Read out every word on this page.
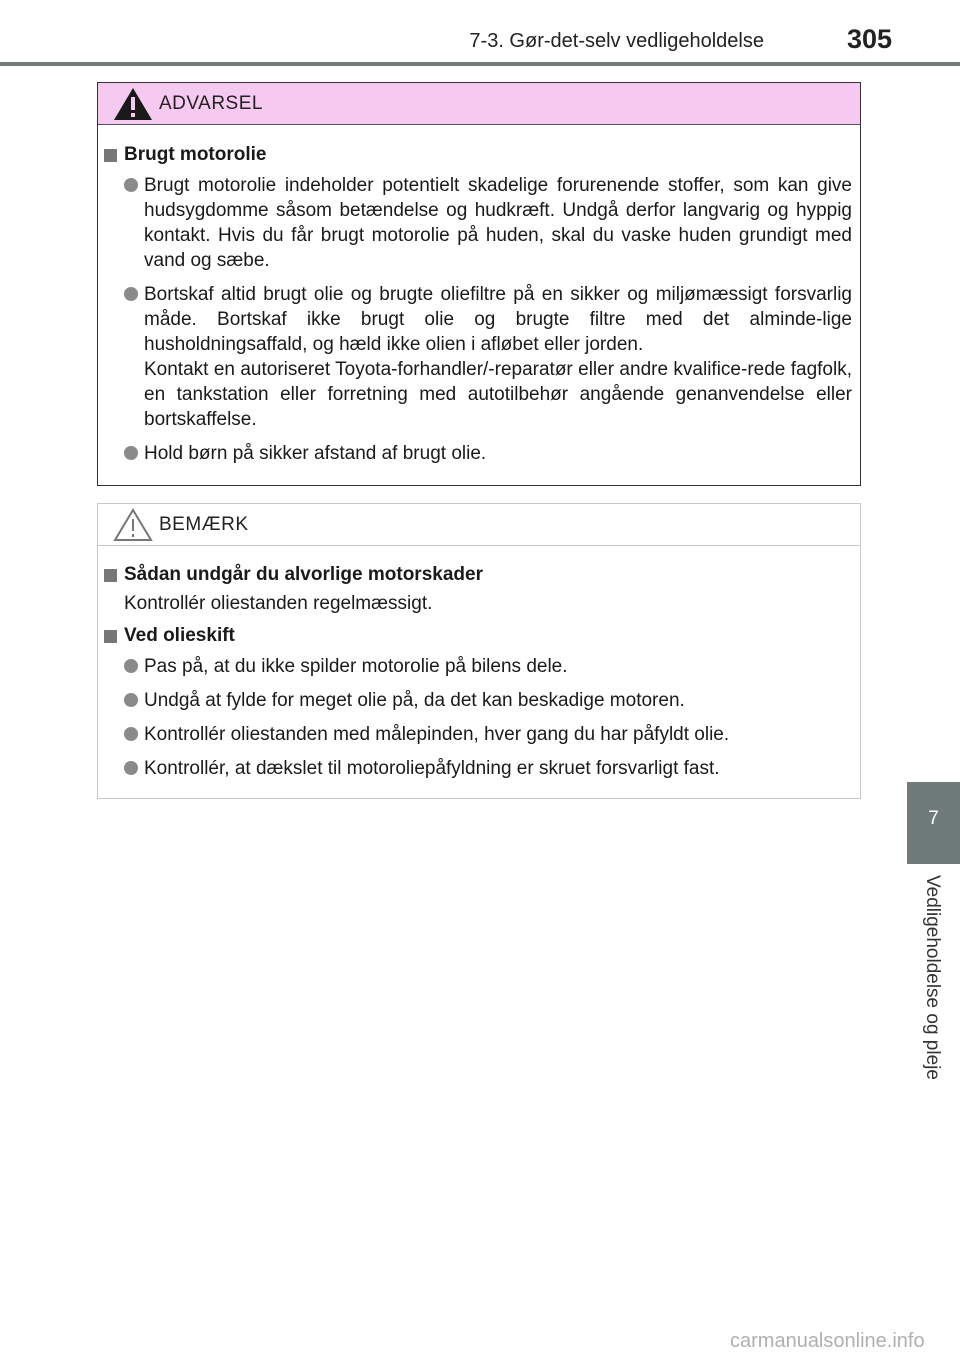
7-3. Gør-det-selv vedligeholdelse	305
ADVARSEL
Brugt motorolie

Brugt motorolie indeholder potentielt skadelige forurenende stoffer, som kan give hudsygdomme såsom betændelse og hudkræft. Undgå derfor langvarig og hyppig kontakt. Hvis du får brugt motorolie på huden, skal du vaske huden grundigt med vand og sæbe.

Bortskaf altid brugt olie og brugte oliefiltre på en sikker og miljømæssigt forsvarlig måde. Bortskaf ikke brugt olie og brugte filtre med det alminde-lige husholdningsaffald, og hæld ikke olien i afløbet eller jorden.

Kontakt en autoriseret Toyota-forhandler/-reparatør eller andre kvalifice-rede fagfolk, en tankstation eller forretning med autotilbehør angående genanvendelse eller bortskaffelse.

Hold børn på sikker afstand af brugt olie.

BEMÆRK
Sådan undgår du alvorlige motorskader
Kontrollér oliestanden regelmæssigt.
Ved olieskift

Pas på, at du ikke spilder motorolie på bilens dele.

Undgå at fylde for meget olie på, da det kan beskadige motoren.

Kontrollér oliestanden med målepinden, hver gang du har påfyldt olie.

Kontrollér, at dækslet til motoroliepåfyldning er skruet forsvarligt fast.

7
Vedligeholdelse og pleje
carmanualsonline.info
